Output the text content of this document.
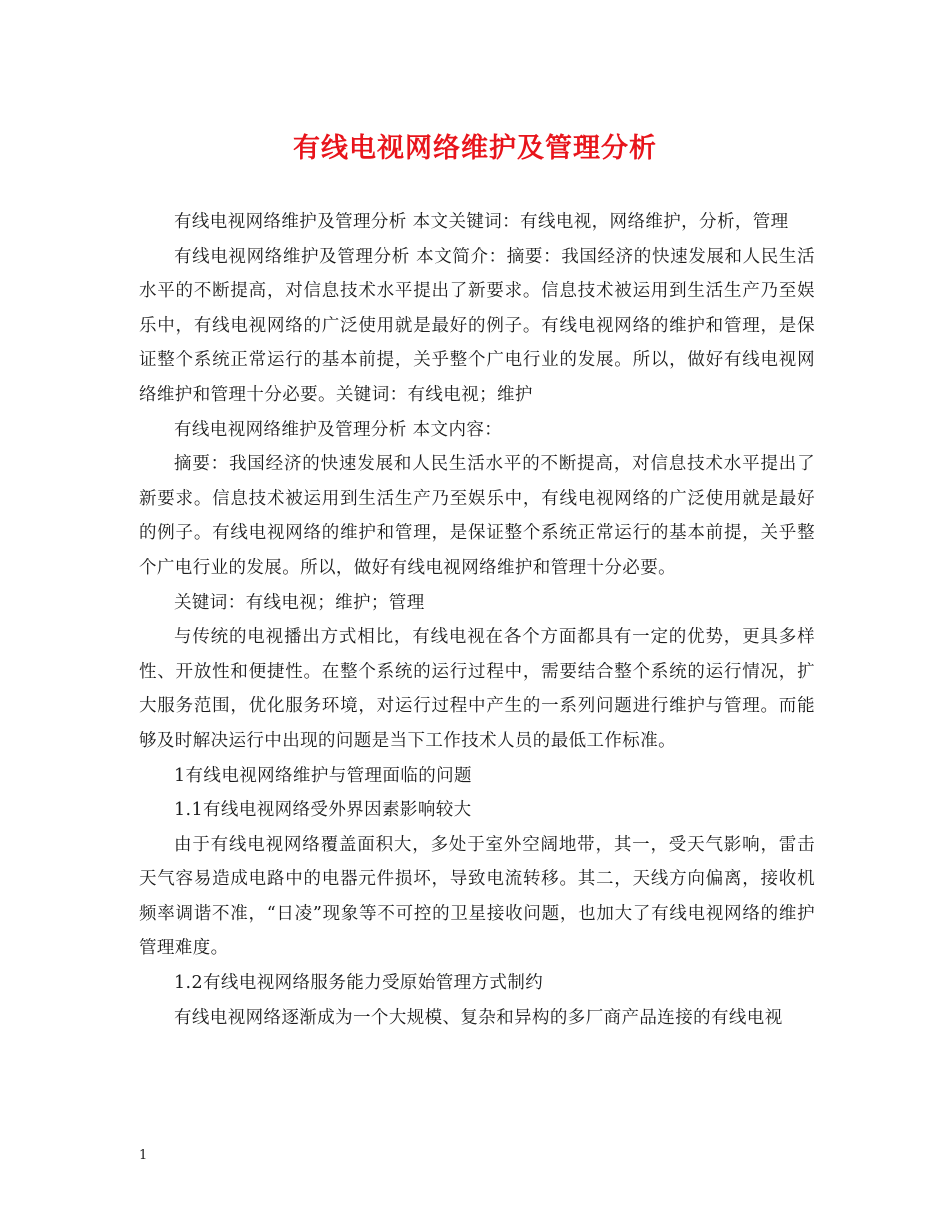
有线电视网络维护及管理分析

有线电视网络维护及管理分析 本文关键词：有线电视，网络维护，分析，管理

有线电视网络维护及管理分析 本文简介：摘要：我国经济的快速发展和人民生活水平的不断提高，对信息技术水平提出了新要求。信息技术被运用到生活生产乃至娱乐中，有线电视网络的广泛使用就是最好的例子。有线电视网络的维护和管理，是保证整个系统正常运行的基本前提，关乎整个广电行业的发展。所以，做好有线电视网络维护和管理十分必要。关键词：有线电视；维护

有线电视网络维护及管理分析 本文内容：

摘要：我国经济的快速发展和人民生活水平的不断提高，对信息技术水平提出了新要求。信息技术被运用到生活生产乃至娱乐中，有线电视网络的广泛使用就是最好的例子。有线电视网络的维护和管理，是保证整个系统正常运行的基本前提，关乎整个广电行业的发展。所以，做好有线电视网络维护和管理十分必要。

关键词：有线电视；维护；管理

与传统的电视播出方式相比，有线电视在各个方面都具有一定的优势，更具多样性、开放性和便捷性。在整个系统的运行过程中，需要结合整个系统的运行情况，扩大服务范围，优化服务环境，对运行过程中产生的一系列问题进行维护与管理。而能够及时解决运行中出现的问题是当下工作技术人员的最低工作标准。

1有线电视网络维护与管理面临的问题

1.1有线电视网络受外界因素影响较大

由于有线电视网络覆盖面积大，多处于室外空阔地带，其一，受天气影响，雷击天气容易造成电路中的电器元件损坏，导致电流转移。其二，天线方向偏离，接收机频率调谐不准，“日凌”现象等不可控的卫星接收问题，也加大了有线电视网络的维护管理难度。

1.2有线电视网络服务能力受原始管理方式制约

有线电视网络逐渐成为一个大规模、复杂和异构的多厂商产品连接的有线电视

1
